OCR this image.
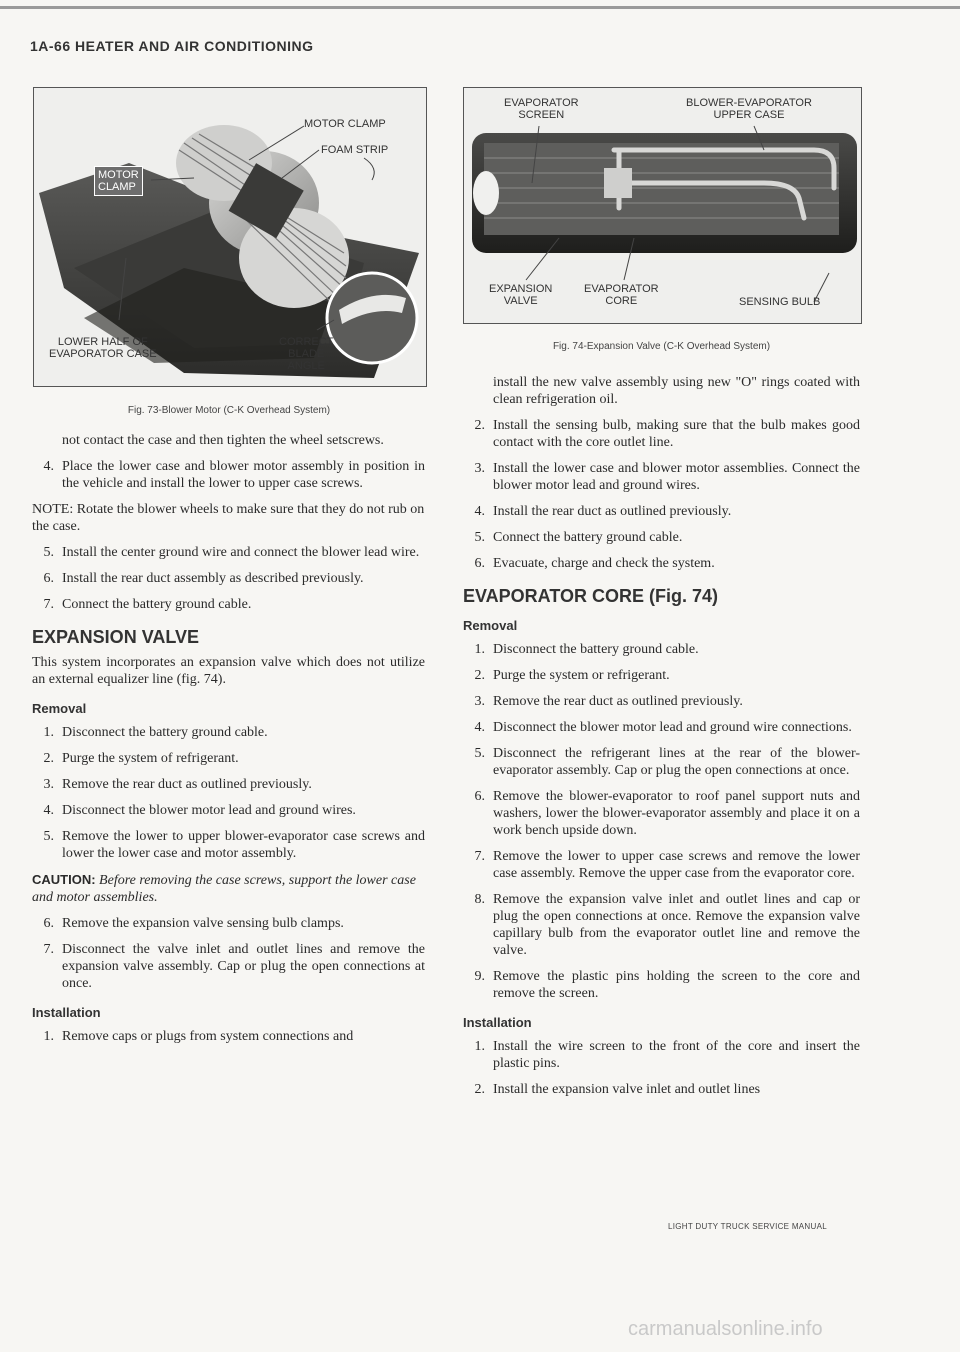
1A-66 HEATER AND AIR CONDITIONING
MOTOR CLAMP
FOAM STRIP
MOTOR
CLAMP
LOWER HALF OF
EVAPORATOR CASE
CORRECT
BLADE
ANGLE
Fig. 73-Blower Motor (C-K Overhead System)
EVAPORATOR
SCREEN
BLOWER-EVAPORATOR
UPPER CASE
EXPANSION
VALVE
EVAPORATOR
CORE	SENSING BULB
Fig. 74-Expansion Valve (C-K Overhead System)

not contact the case and then tighten the wheel setscrews.

4. Place the lower case and blower motor assembly in position in the vehicle and install the lower to upper case screws.

NOTE: Rotate the blower wheels to make sure that they do not rub on the case.

5. Install the center ground wire and connect the blower lead wire.
6. Install the rear duct assembly as described previously.
7. Connect the battery ground cable.
EXPANSION VALVE

This system incorporates an expansion valve which does not utilize an external equalizer line (fig. 74).

Removal
1. Disconnect the battery ground cable.
2. Purge the system of refrigerant.
3. Remove the rear duct as outlined previously.
4. Disconnect the blower motor lead and ground wires.
5. Remove the lower to upper blower-evaporator case screws and lower the lower case and motor assembly.

CAUTION: Before removing the case screws, support the lower case and motor assemblies.

6. Remove the expansion valve sensing bulb clamps.
7. Disconnect the valve inlet and outlet lines and remove the expansion valve assembly. Cap or plug the open connections at once.
Installation
1. Remove caps or plugs from system connections and

install the new valve assembly using new "O" rings coated with clean refrigeration oil.

2. Install the sensing bulb, making sure that the bulb makes good contact with the core outlet line.
3. Install the lower case and blower motor assemblies. Connect the blower motor lead and ground wires.
4. Install the rear duct as outlined previously.
5. Connect the battery ground cable.
6. Evacuate, charge and check the system.
EVAPORATOR CORE (Fig. 74)
Removal
1. Disconnect the battery ground cable.
2. Purge the system or refrigerant.
3. Remove the rear duct as outlined previously.
4. Disconnect the blower motor lead and ground wire connections.
5. Disconnect the refrigerant lines at the rear of the blower-evaporator assembly. Cap or plug the open connections at once.
6. Remove the blower-evaporator to roof panel support nuts and washers, lower the blower-evaporator assembly and place it on a work bench upside down.
7. Remove the lower to upper case screws and remove the lower case assembly. Remove the upper case from the evaporator core.
8. Remove the expansion valve inlet and outlet lines and cap or plug the open connections at once. Remove the expansion valve capillary bulb from the evaporator outlet line and remove the valve.
9. Remove the plastic pins holding the screen to the core and remove the screen.
Installation
1. Install the wire screen to the front of the core and insert the plastic pins.
2. Install the expansion valve inlet and outlet lines
LIGHT DUTY TRUCK SERVICE MANUAL
carmanualsonline.info
